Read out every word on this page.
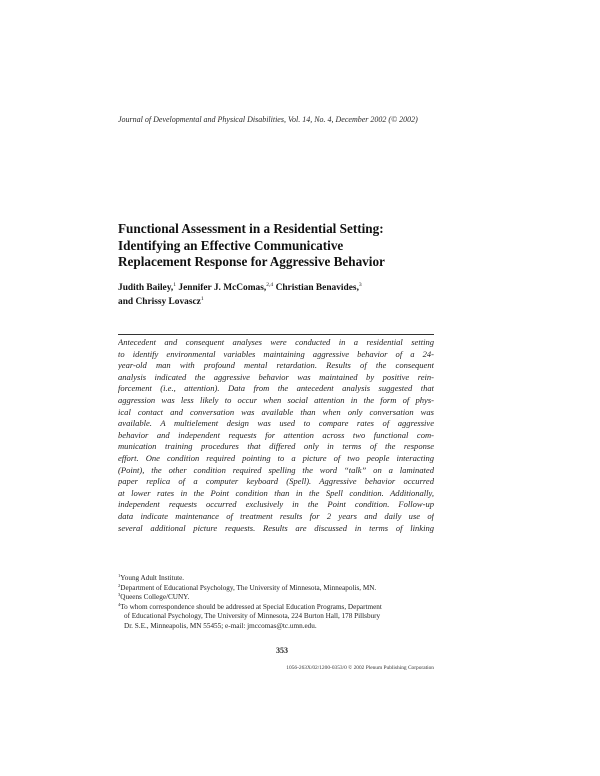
Journal of Developmental and Physical Disabilities, Vol. 14, No. 4, December 2002 (© 2002)
Functional Assessment in a Residential Setting:
Identifying an Effective Communicative
Replacement Response for Aggressive Behavior
Judith Bailey,$^1$ Jennifer J. McComas,$^{2,4}$ Christian Benavides,$^3$
and Chrissy Lovascz$^1$
Antecedent and consequent analyses were conducted in a residential setting
to identify environmental variables maintaining aggressive behavior of a 24-
year-old man with profound mental retardation. Results of the consequent
analysis indicated the aggressive behavior was maintained by positive rein-
forcement (i.e., attention). Data from the antecedent analysis suggested that
aggression was less likely to occur when social attention in the form of phys-
ical contact and conversation was available than when only conversation was
available. A multielement design was used to compare rates of aggressive
behavior and independent requests for attention across two functional com-
munication training procedures that differed only in terms of the response
effort. One condition required pointing to a picture of two people interacting
(Point), the other condition required spelling the word “talk” on a laminated
paper replica of a computer keyboard (Spell). Aggressive behavior occurred
at lower rates in the Point condition than in the Spell condition. Additionally,
independent requests occurred exclusively in the Point condition. Follow-up
data indicate maintenance of treatment results for 2 years and daily use of
several additional picture requests. Results are discussed in terms of linking
$^1$Young Adult Institute.
$^2$Department of Educational Psychology, The University of Minnesota, Minneapolis, MN.
$^3$Queens College/CUNY.
$^4$To whom correspondence should be addressed at Special Education Programs, Department
of Educational Psychology, The University of Minnesota, 224 Burton Hall, 178 Pillsbury
Dr. S.E., Minneapolis, MN 55455; e-mail: jmccomas@tc.umn.edu.
353
1056-263X/02/1200-0353/0 © 2002 Plenum Publishing Corporation
